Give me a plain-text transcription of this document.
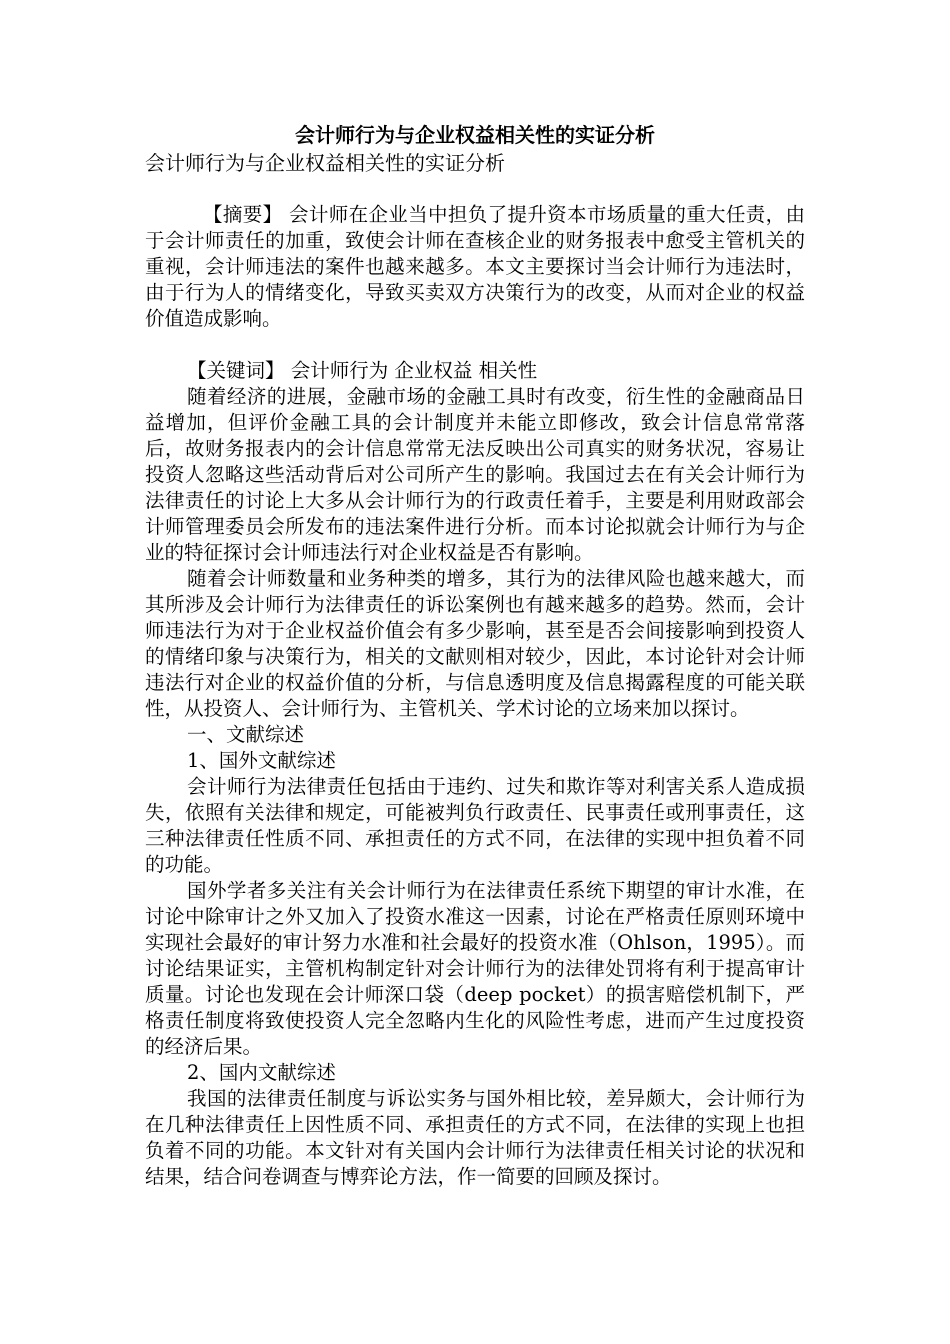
会计师行为与企业权益相关性的实证分析
会计师行为与企业权益相关性的实证分析

【摘要】 会计师在企业当中担负了提升资本市场质量的重大任责，由于会计师责任的加重，致使会计师在查核企业的财务报表中愈受主管机关的重视，会计师违法的案件也越来越多。本文主要探讨当会计师行为违法时，由于行为人的情绪变化，导致买卖双方决策行为的改变，从而对企业的权益价值造成影响。

【关键词】 会计师行为 企业权益 相关性

随着经济的进展，金融市场的金融工具时有改变，衍生性的金融商品日益增加，但评价金融工具的会计制度并未能立即修改，致会计信息常常落后，故财务报表内的会计信息常常无法反映出公司真实的财务状况，容易让投资人忽略这些活动背后对公司所产生的影响。我国过去在有关会计师行为法律责任的讨论上大多从会计师行为的行政责任着手，主要是利用财政部会计师管理委员会所发布的违法案件进行分析。而本讨论拟就会计师行为与企业的特征探讨会计师违法行对企业权益是否有影响。

随着会计师数量和业务种类的增多，其行为的法律风险也越来越大，而其所涉及会计师行为法律责任的诉讼案例也有越来越多的趋势。然而，会计师违法行为对于企业权益价值会有多少影响，甚至是否会间接影响到投资人的情绪印象与决策行为，相关的文献则相对较少，因此，本讨论针对会计师违法行对企业的权益价值的分析，与信息透明度及信息揭露程度的可能关联性，从投资人、会计师行为、主管机关、学术讨论的立场来加以探讨。

一、文献综述

1、国外文献综述

会计师行为法律责任包括由于违约、过失和欺诈等对利害关系人造成损失，依照有关法律和规定，可能被判负行政责任、民事责任或刑事责任，这三种法律责任性质不同、承担责任的方式不同，在法律的实现中担负着不同的功能。

国外学者多关注有关会计师行为在法律责任系统下期望的审计水准，在讨论中除审计之外又加入了投资水准这一因素，讨论在严格责任原则环境中实现社会最好的审计努力水准和社会最好的投资水准（Ohlson，1995）。而讨论结果证实，主管机构制定针对会计师行为的法律处罚将有利于提高审计质量。讨论也发现在会计师深口袋（deep pocket）的损害赔偿机制下，严格责任制度将致使投资人完全忽略内生化的风险性考虑，进而产生过度投资的经济后果。

2、国内文献综述

我国的法律责任制度与诉讼实务与国外相比较，差异颇大，会计师行为在几种法律责任上因性质不同、承担责任的方式不同，在法律的实现上也担负着不同的功能。本文针对有关国内会计师行为法律责任相关讨论的状况和结果，结合问卷调查与博弈论方法，作一简要的回顾及探讨。
